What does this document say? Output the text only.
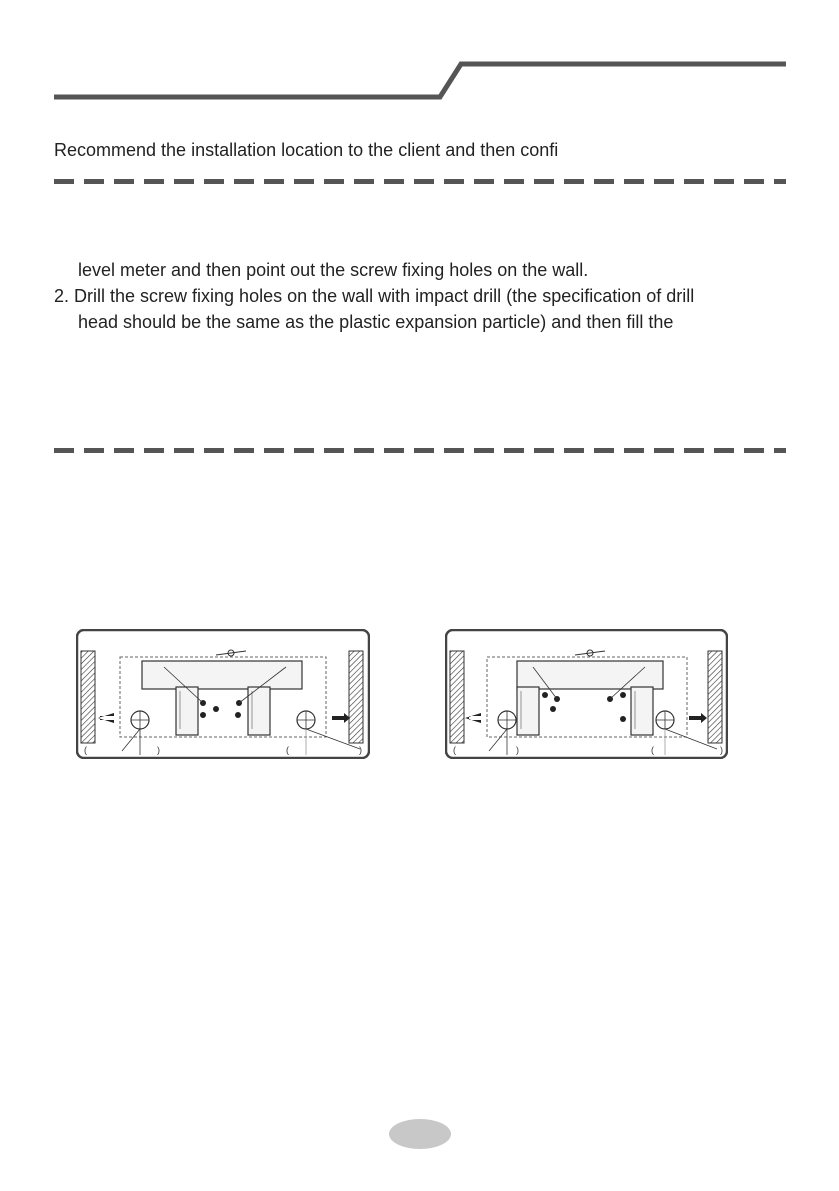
Recommend the installation location to the client and then confi
level meter and then point out the screw fixing holes on the wall.
2. Drill the screw fixing holes on the wall with impact drill (the specification of drill
head should be the same as the plastic expansion particle) and then fill the
( )	( )	( )	( )
